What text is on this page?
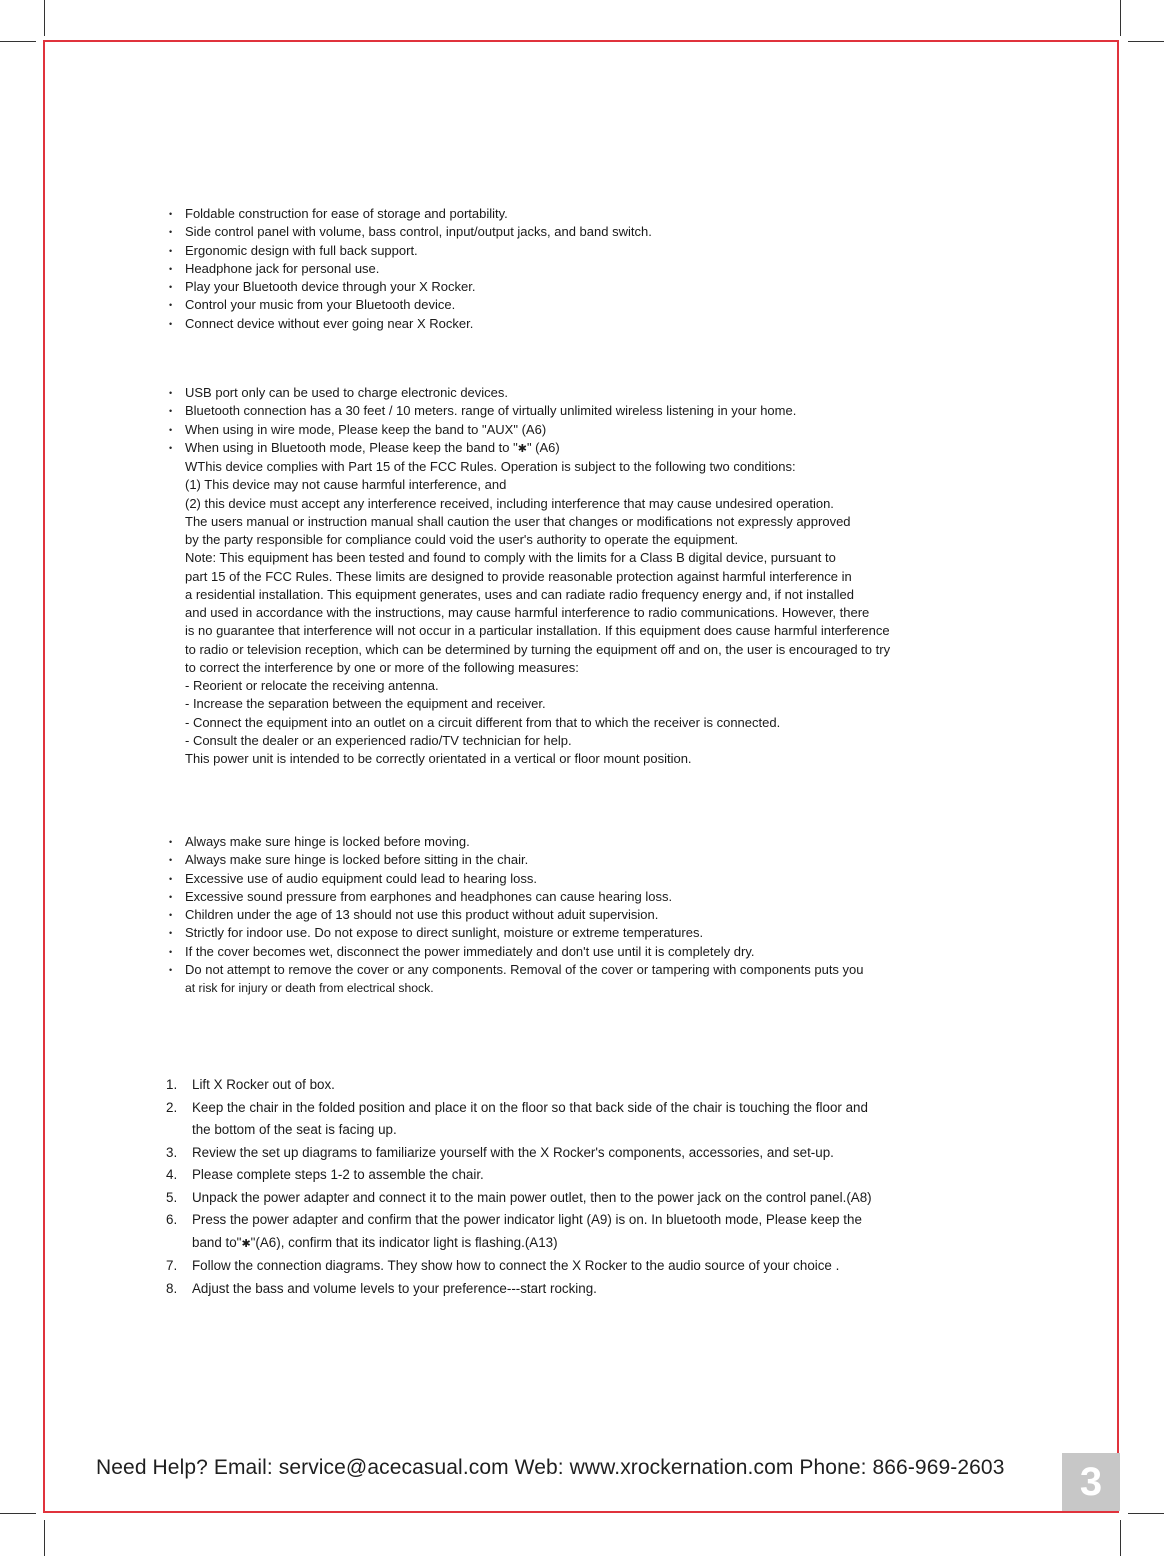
• Foldable construction for ease of storage and portability.
• Side control panel with volume, bass control, input/output jacks, and band switch.
• Ergonomic design with full back support.
• Headphone jack for personal use.
• Play your Bluetooth device through your X Rocker.
• Control your music from your Bluetooth device.
• Connect device without ever going near X Rocker.
• USB port only can be used to charge electronic devices.
• Bluetooth connection has a 30 feet / 10 meters. range of virtually unlimited wireless listening in your home.
• When using in wire mode, Please keep the band to "AUX" (A6)
• When using in Bluetooth mode, Please keep the band to "✱" (A6)
WThis device complies with Part 15 of the FCC Rules. Operation is subject to the following two conditions:
(1) This device may not cause harmful interference, and
(2) this device must accept any interference received, including interference that may cause undesired operation.
The users manual or instruction manual shall caution the user that changes or modifications not expressly approved
by the party responsible for compliance could void the user's authority to operate the equipment.
Note: This equipment has been tested and found to comply with the limits for a Class B digital device, pursuant to
part 15 of the FCC Rules. These limits are designed to provide reasonable protection against harmful interference in
a residential installation. This equipment generates, uses and can radiate radio frequency energy and, if not installed
and used in accordance with the instructions, may cause harmful interference to radio communications. However, there
is no guarantee that interference will not occur in a particular installation. If this equipment does cause harmful interference
to radio or television reception, which can be determined by turning the equipment off and on, the user is encouraged to try
to correct the interference by one or more of the following measures:
- Reorient or relocate the receiving antenna.
- Increase the separation between the equipment and receiver.
- Connect the equipment into an outlet on a circuit different from that to which the receiver is connected.
- Consult the dealer or an experienced radio/TV technician for help.
This power unit is intended to be correctly orientated in a vertical or floor mount position.
• Always make sure hinge is locked before moving.
• Always make sure hinge is locked before sitting in the chair.
• Excessive use of audio equipment could lead to hearing loss.
• Excessive sound pressure from earphones and headphones can cause hearing loss.
• Children under the age of 13 should not use this product without aduit supervision.
• Strictly for indoor use. Do not expose to direct sunlight, moisture or extreme temperatures.
• If the cover becomes wet, disconnect the power immediately and don't use until it is completely dry.
• Do not attempt to remove the cover or any components. Removal of the cover or tampering with components puts you
at risk for injury or death from electrical shock.
1. Lift X Rocker out of box.
2. Keep the chair in the folded position and place it on the floor so that back side of the chair is touching the floor and
the bottom of the seat is facing up.
3. Review the set up diagrams to familiarize yourself with the X Rocker's components, accessories, and set-up.
4. Please complete steps 1-2 to assemble the chair.
5. Unpack the power adapter and connect it to the main power outlet, then to the power jack on the control panel.(A8)
6. Press the power adapter and confirm that the power indicator light (A9) is on. In bluetooth mode, Please keep the
band to"✱"(A6), confirm that its indicator light is flashing.(A13)
7. Follow the connection diagrams. They show how to connect the X Rocker to the audio source of your choice .
8. Adjust the bass and volume levels to your preference---start rocking.
Need Help? Email: service@acecasual.com Web: www.xrockernation.com Phone: 866-969-2603	3
